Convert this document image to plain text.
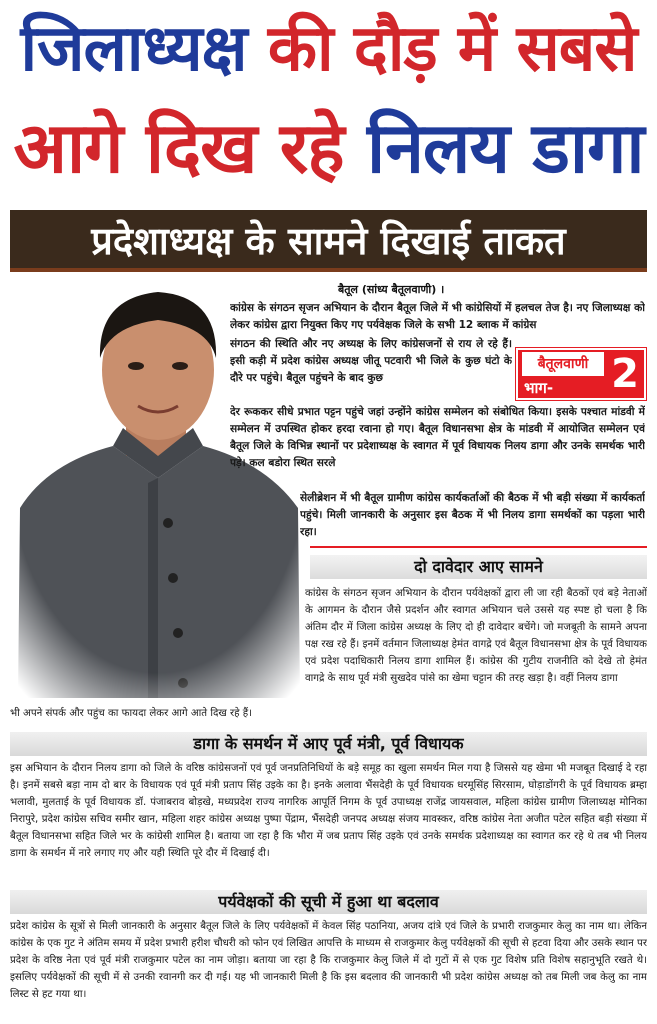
जिलाध्यक्ष की दौड़ में सबसे
आगे दिख रहे निलय डागा
प्रदेशाध्यक्ष के सामने दिखाई ताकत
बैतूल (सांध्य बैतूलवाणी) ।
कांग्रेस के संगठन सृजन अभियान के दौरान बैतूल जिले में भी कांग्रेसियों में हलचल तेज है। नए जिलाध्यक्ष को लेकर कांग्रेस द्वारा नियुक्त किए गए पर्यवेक्षक जिले के सभी 12 ब्लाक में कांग्रेस
संगठन की स्थिति और नए अध्यक्ष के लिए कांग्रेसजनों से राय ले रहे हैं। इसी कड़ी में प्रदेश कांग्रेस अध्यक्ष जीतू पटवारी भी जिले के कुछ घंटो के दौरे पर पहुंचे। बैतूल पहुंचने के बाद कुछ
बैतूलवाणी
भाग- 2
देर रूककर सीधे प्रभात पट्टन पहुंचे जहां उन्होंने कांग्रेस सम्मेलन को संबोधित किया। इसके पश्चात मांडवी में सम्मेलन में उपस्थित होकर हरदा रवाना हो गए। बैतूल विधानसभा क्षेत्र के मांडवी में आयोजित सम्मेलन एवं बैतूल जिले के विभिन्न स्थानों पर प्रदेशाध्यक्ष के स्वागत में पूर्व विधायक निलय डागा और उनके समर्थक भारी पड़े। कल बडोरा स्थित सरले
सेलीब्रेशन में भी बैतूल ग्रामीण कांग्रेस कार्यकर्ताओं की बैठक में भी बड़ी संख्या में कार्यकर्ता पहुंचे। मिली जानकारी के अनुसार इस बैठक में भी निलय डागा समर्थकों का पड़ला भारी रहा।
दो दावेदार आए सामने
कांग्रेस के संगठन सृजन अभियान के दौरान पर्यवेक्षकों द्वारा ली जा रही बैठकों एवं बड़े नेताओं के आगमन के दौरान जैसे प्रदर्शन और स्वागत अभियान चले उससे यह स्पष्ट हो चला है कि अंतिम दौर में जिला कांग्रेस अध्यक्ष के लिए दो ही दावेदार बचेंगे। जो मजबूती के सामने अपना पक्ष रख रहे हैं। इनमें वर्तमान जिलाध्यक्ष हेमंत वागद्रे एवं बैतूल विधानसभा क्षेत्र के पूर्व विधायक एवं प्रदेश पदाधिकारी निलय डागा शामिल हैं। कांग्रेस की गुटीय राजनीति को देखे तो हेमंत वागद्रे के साथ पूर्व मंत्री सुखदेव पांसे का खेमा चट्टान की तरह खड़ा है। वहीं निलय डागा
भी अपने संपर्क और पहुंच का फायदा लेकर आगे आते दिख रहे हैं।
डागा के समर्थन में आए पूर्व मंत्री, पूर्व विधायक
इस अभियान के दौरान निलय डागा को जिले के वरिष्ठ कांग्रेसजनों एवं पूर्व जनप्रतिनिधियों के बड़े समूह का खुला समर्थन मिल गया है जिससे यह खेमा भी मजबूत दिखाई दे रहा है। इनमें सबसे बड़ा नाम दो बार के विधायक एवं पूर्व मंत्री प्रताप सिंह उइके का है। इनके अलावा भैंसदेही के पूर्व विधायक धरमूसिंह सिरसाम, घोड़ाडोंगरी के पूर्व विधायक ब्रम्हा भलावी, मुलताई के पूर्व विधायक डॉ. पंजाबराव बोड़खे, मध्यप्रदेश राज्य नागरिक आपूर्ति निगम के पूर्व उपाध्यक्ष राजेंद्र जायसवाल, महिला कांग्रेस ग्रामीण जिलाध्यक्ष मोनिका निरापुरे, प्रदेश कांग्रेस सचिव समीर खान, महिला शहर कांग्रेस अध्यक्ष पुष्पा पेंद्राम, भैंसदेही जनपद अध्यक्ष संजय मावस्कर, वरिष्ठ कांग्रेस नेता अजीत पटेल सहित बड़ी संख्या में बैतूल विधानसभा सहित जिले भर के कांग्रेसी शामिल है। बताया जा रहा है कि भौरा में जब प्रताप सिंह उइके एवं उनके समर्थक प्रदेशाध्यक्ष का स्वागत कर रहे थे तब भी निलय डागा के समर्थन में नारे लगाए गए और यही स्थिति पूरे दौर में दिखाई दी।
पर्यवेक्षकों की सूची में हुआ था बदलाव
प्रदेश कांग्रेस के सूत्रों से मिली जानकारी के अनुसार बैतूल जिले के लिए पर्यवेक्षकों में केवल सिंह पठानिया, अजय दांत्रे एवं जिले के प्रभारी राजकुमार केलु का नाम था। लेकिन कांग्रेस के एक गुट ने अंतिम समय में प्रदेश प्रभारी हरीश चौधरी को फोन एवं लिखित आपत्ति के माध्यम से राजकुमार केलु पर्यवेक्षकों की सूची से हटवा दिया और उसके स्थान पर प्रदेश के वरिष्ठ नेता एवं पूर्व मंत्री राजकुमार पटेल का नाम जोड़ा। बताया जा रहा है कि राजकुमार केलु जिले में दो गुटों में से एक गुट विशेष प्रति विशेष सहानुभूति रखते थे। इसलिए पर्यवेक्षकों की सूची में से उनकी रवानगी कर दी गई। यह भी जानकारी मिली है कि इस बदलाव की जानकारी भी प्रदेश कांग्रेस अध्यक्ष को तब मिली जब केलु का नाम लिस्ट से हट गया था।
